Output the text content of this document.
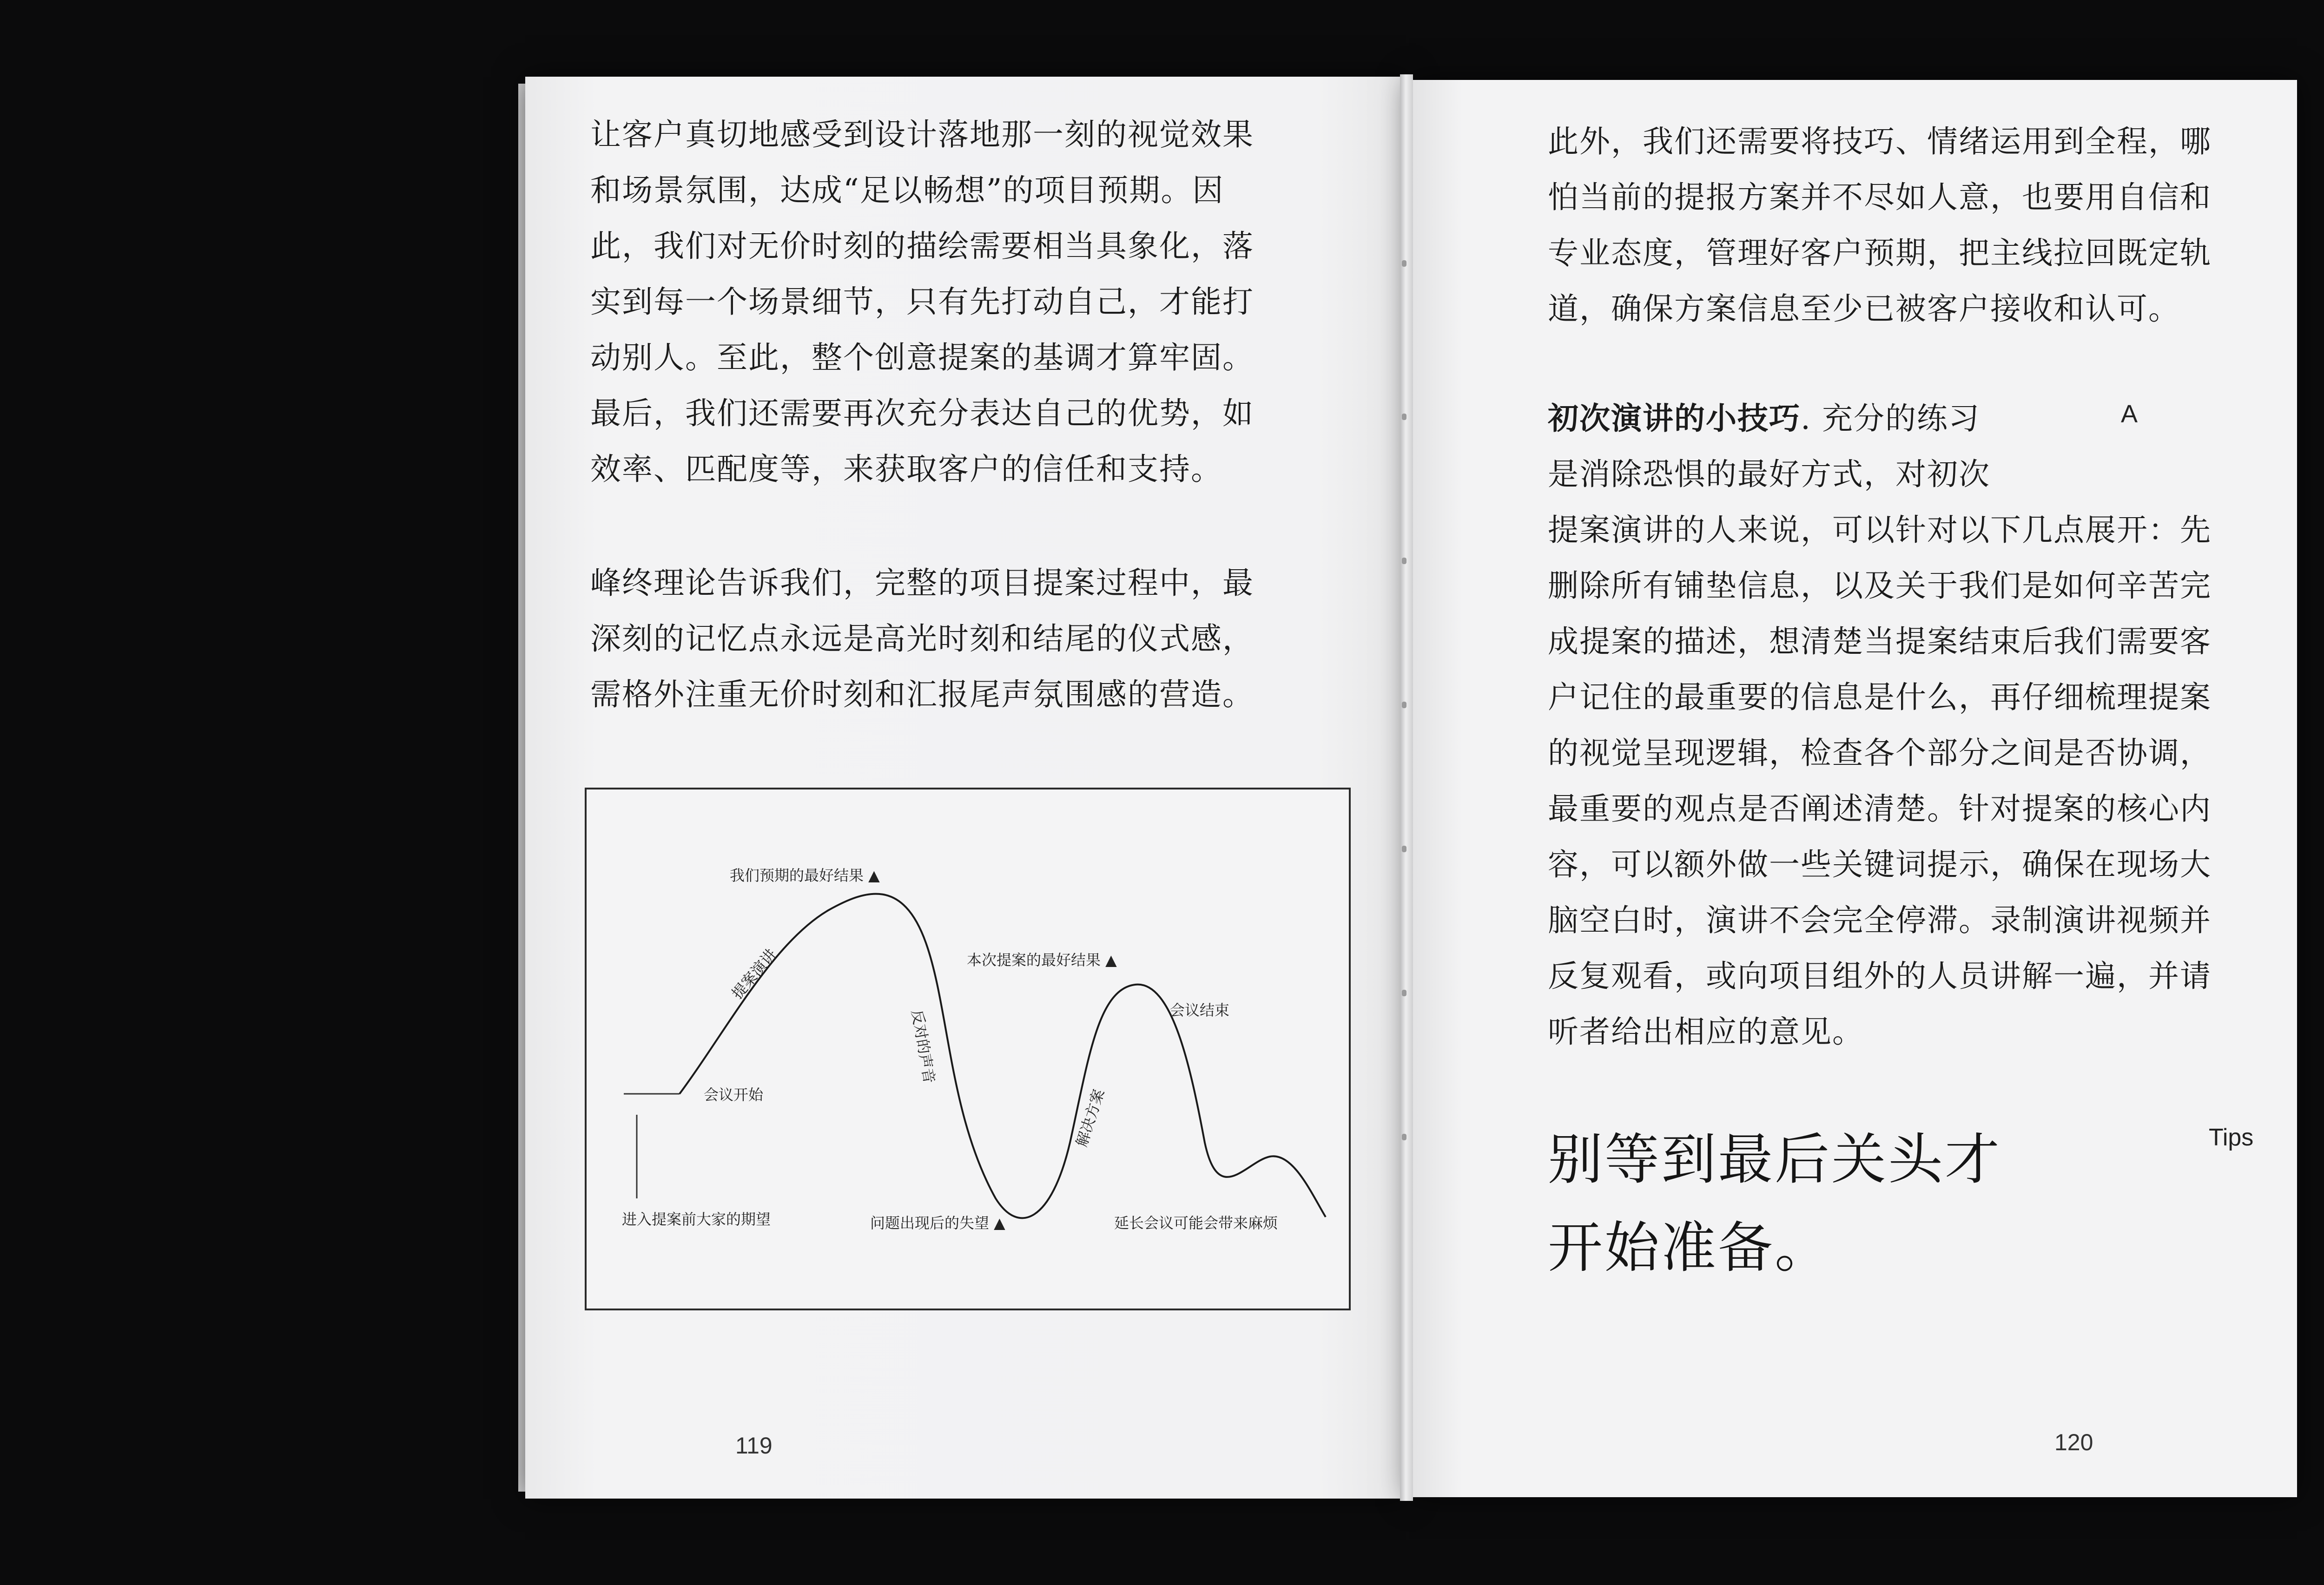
让客户真切地感受到设计落地那一刻的视觉效果
和场景氛围，达成“足以畅想”的项目预期。因
此，我们对无价时刻的描绘需要相当具象化，落
实到每一个场景细节，只有先打动自己，才能打
动别人。至此，整个创意提案的基调才算牢固。
最后，我们还需要再次充分表达自己的优势，如
效率、匹配度等，来获取客户的信任和支持。
峰终理论告诉我们，完整的项目提案过程中，最
深刻的记忆点永远是高光时刻和结尾的仪式感，
需格外注重无价时刻和汇报尾声氛围感的营造。
我们预期的最好结果 ▲
本次提案的最好结果 ▲
提案演讲
反对的声音
解决方案
会议开始
会议结束
进入提案前大家的期望	问题出现后的失望 ▲	延长会议可能会带来麻烦
119
此外，我们还需要将技巧、情绪运用到全程，哪
怕当前的提报方案并不尽如人意，也要用自信和
专业态度，管理好客户预期，把主线拉回既定轨
道，确保方案信息至少已被客户接收和认可。
A
初次演讲的小技巧. 充分的练习
是消除恐惧的最好方式，对初次
提案演讲的人来说，可以针对以下几点展开：先
删除所有铺垫信息，以及关于我们是如何辛苦完
成提案的描述，想清楚当提案结束后我们需要客
户记住的最重要的信息是什么，再仔细梳理提案
的视觉呈现逻辑，检查各个部分之间是否协调，
最重要的观点是否阐述清楚。针对提案的核心内
容，可以额外做一些关键词提示，确保在现场大
脑空白时，演讲不会完全停滞。录制演讲视频并
反复观看，或向项目组外的人员讲解一遍，并请
听者给出相应的意见。
别等到最后关头才
开始准备。
Tips
120
